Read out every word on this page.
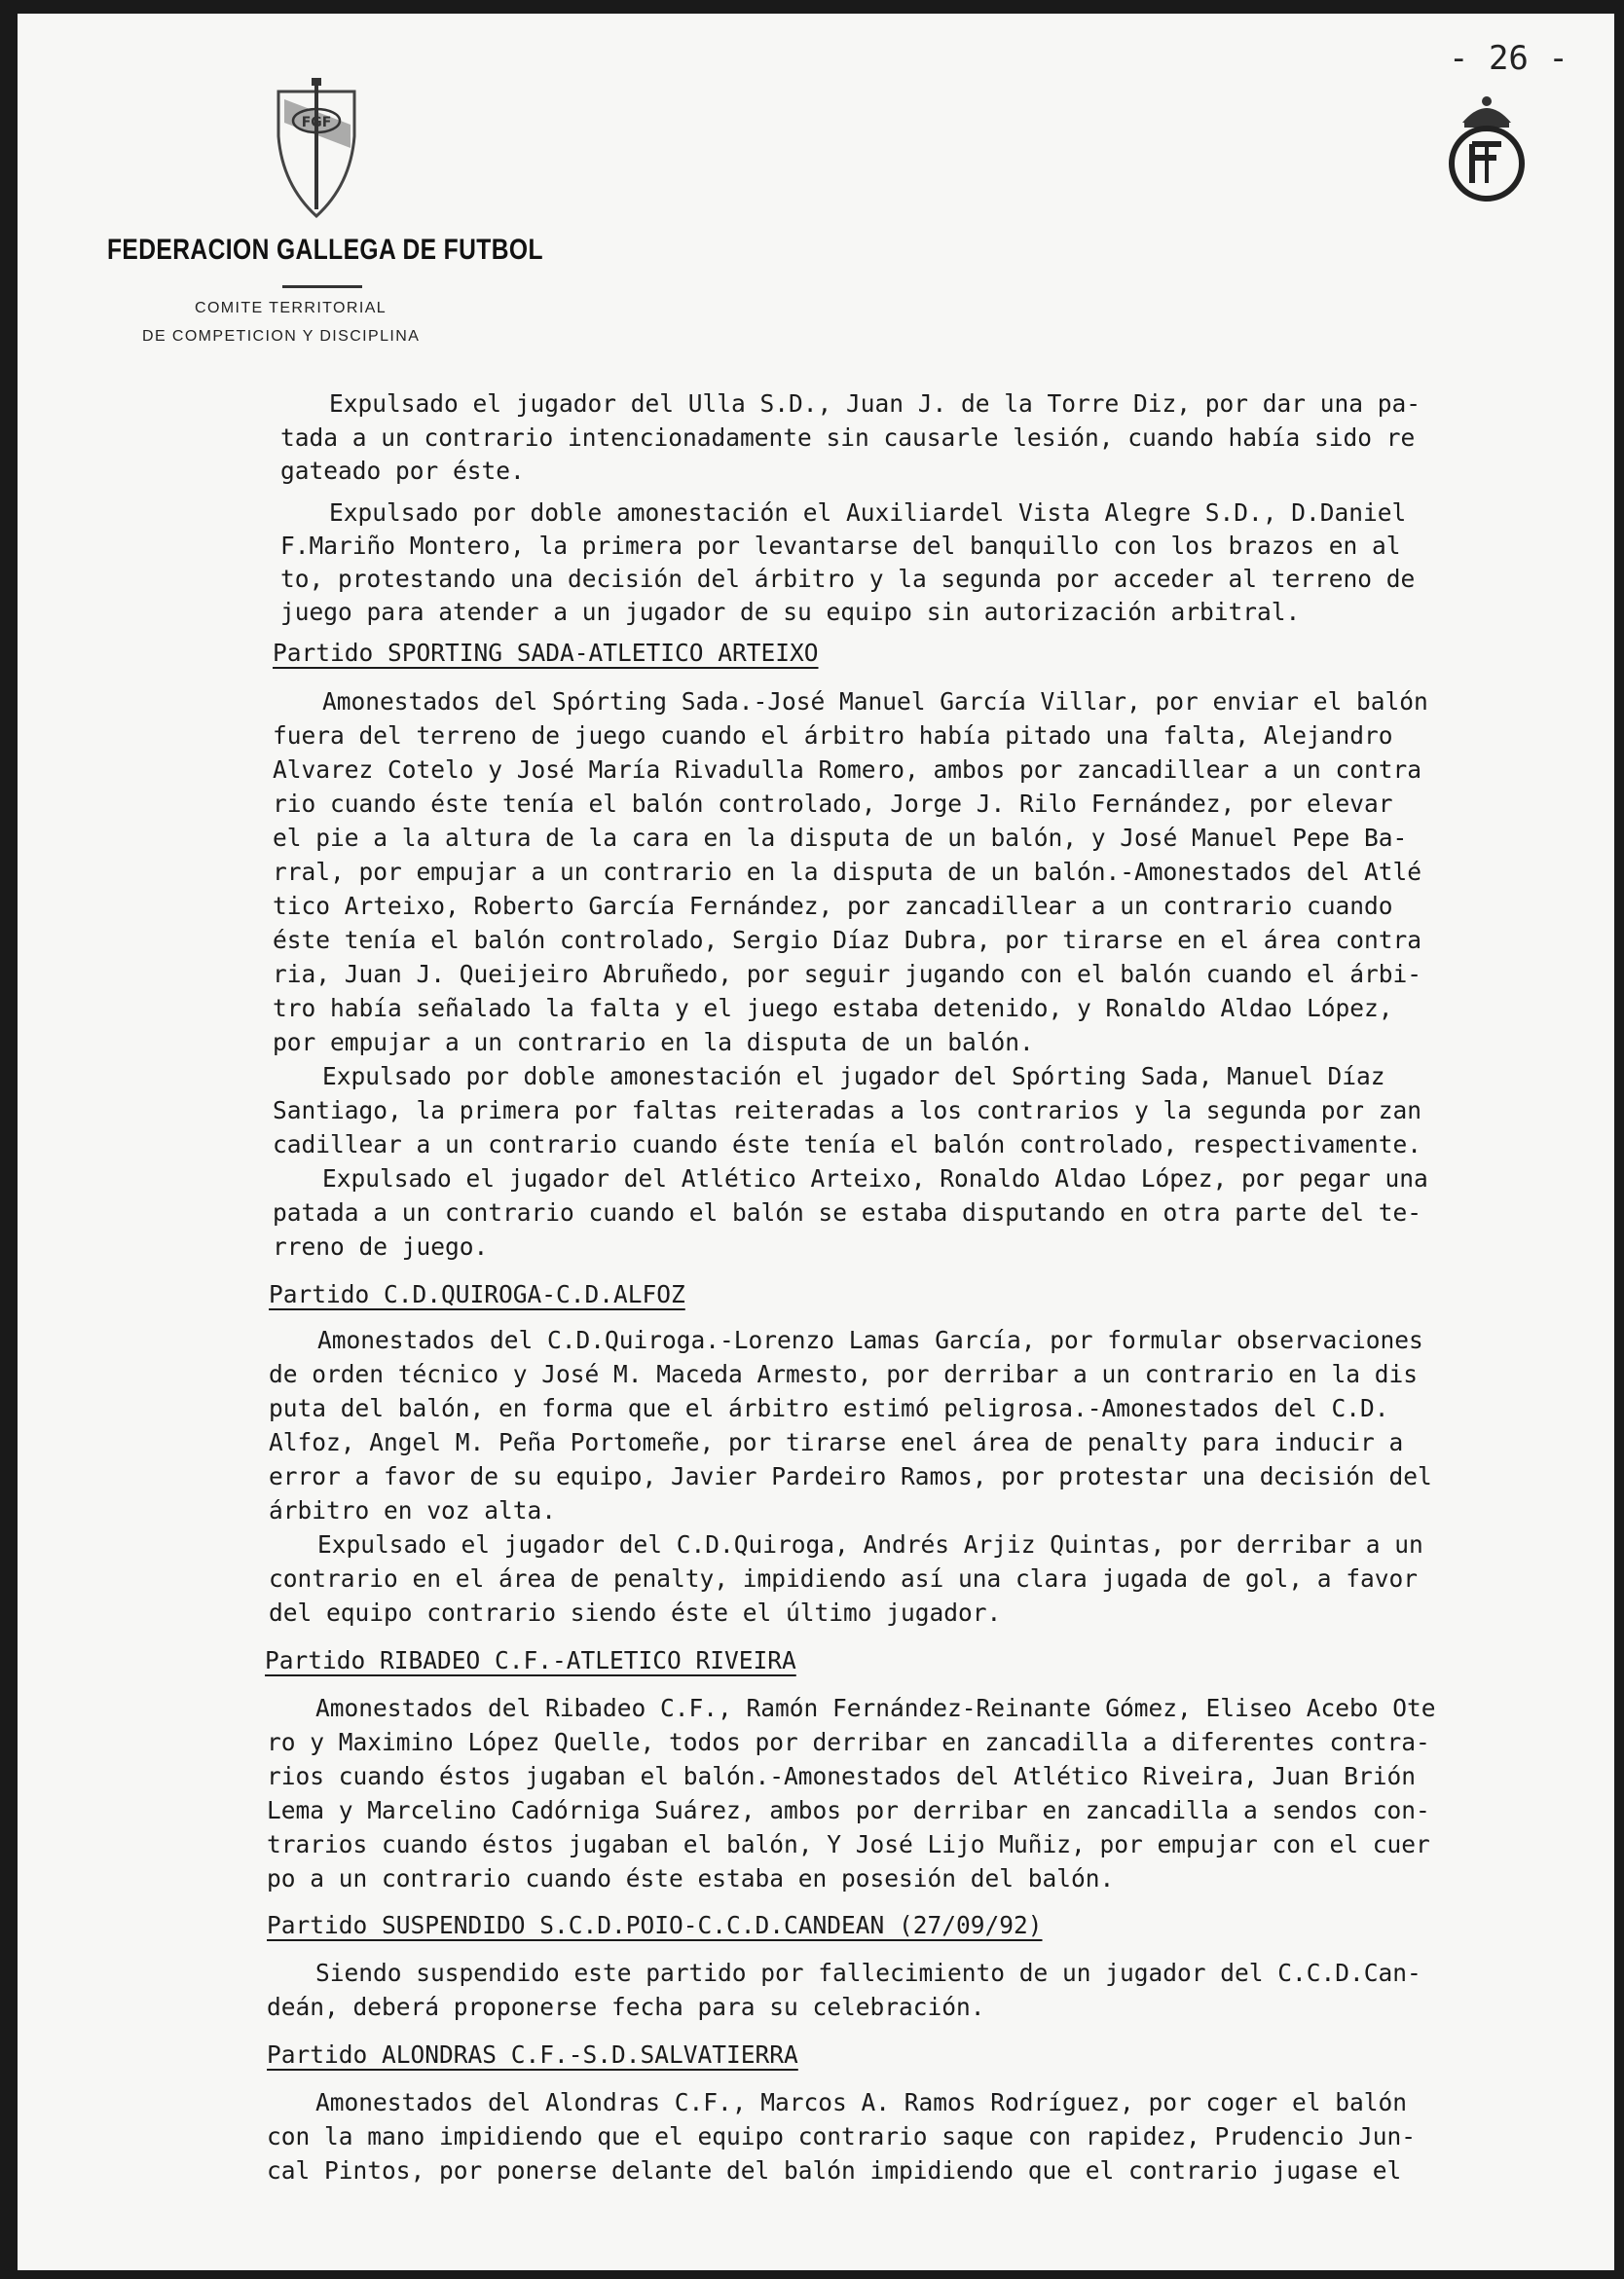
- 26 -
FGF
FEDERACION GALLEGA DE FUTBOL
COMITE TERRITORIAL
DE COMPETICION Y DISCIPLINA
Expulsado el jugador del Ulla S.D., Juan J. de la Torre Diz, por dar una pa-
tada a un contrario intencionadamente sin causarle lesión, cuando había sido re
gateado por éste.
Expulsado por doble amonestación el Auxiliardel Vista Alegre S.D., D.Daniel
F.Mariño Montero, la primera por levantarse del banquillo con los brazos en al
to, protestando una decisión del árbitro y la segunda por acceder al terreno de
juego para atender a un jugador de su equipo sin autorización arbitral.
Partido SPORTING SADA-ATLETICO ARTEIXO
Amonestados del Spórting Sada.-José Manuel García Villar, por enviar el balón
fuera del terreno de juego cuando el árbitro había pitado una falta, Alejandro
Alvarez Cotelo y José María Rivadulla Romero, ambos por zancadillear a un contra
rio cuando éste tenía el balón controlado, Jorge J. Rilo Fernández, por elevar
el pie a la altura de la cara en la disputa de un balón, y José Manuel Pepe Ba-
rral, por empujar a un contrario en la disputa de un balón.-Amonestados del Atlé
tico Arteixo, Roberto García Fernández, por zancadillear a un contrario cuando
éste tenía el balón controlado, Sergio Díaz Dubra, por tirarse en el área contra
ria, Juan J. Queijeiro Abruñedo, por seguir jugando con el balón cuando el árbi-
tro había señalado la falta y el juego estaba detenido, y Ronaldo Aldao López,
por empujar a un contrario en la disputa de un balón.
Expulsado por doble amonestación el jugador del Spórting Sada, Manuel Díaz
Santiago, la primera por faltas reiteradas a los contrarios y la segunda por zan
cadillear a un contrario cuando éste tenía el balón controlado, respectivamente.
Expulsado el jugador del Atlético Arteixo, Ronaldo Aldao López, por pegar una
patada a un contrario cuando el balón se estaba disputando en otra parte del te-
rreno de juego.
Partido C.D.QUIROGA-C.D.ALFOZ
Amonestados del C.D.Quiroga.-Lorenzo Lamas García, por formular observaciones
de orden técnico y José M. Maceda Armesto, por derribar a un contrario en la dis
puta del balón, en forma que el árbitro estimó peligrosa.-Amonestados del C.D.
Alfoz, Angel M. Peña Portomeñe, por tirarse enel área de penalty para inducir a
error a favor de su equipo, Javier Pardeiro Ramos, por protestar una decisión del
árbitro en voz alta.
Expulsado el jugador del C.D.Quiroga, Andrés Arjiz Quintas, por derribar a un
contrario en el área de penalty, impidiendo así una clara jugada de gol, a favor
del equipo contrario siendo éste el último jugador.
Partido RIBADEO C.F.-ATLETICO RIVEIRA
Amonestados del Ribadeo C.F., Ramón Fernández-Reinante Gómez, Eliseo Acebo Ote
ro y Maximino López Quelle, todos por derribar en zancadilla a diferentes contra-
rios cuando éstos jugaban el balón.-Amonestados del Atlético Riveira, Juan Brión
Lema y Marcelino Cadórniga Suárez, ambos por derribar en zancadilla a sendos con-
trarios cuando éstos jugaban el balón, Y José Lijo Muñiz, por empujar con el cuer
po a un contrario cuando éste estaba en posesión del balón.
Partido SUSPENDIDO S.C.D.POIO-C.C.D.CANDEAN (27/09/92)
Siendo suspendido este partido por fallecimiento de un jugador del C.C.D.Can-
deán, deberá proponerse fecha para su celebración.
Partido ALONDRAS C.F.-S.D.SALVATIERRA
Amonestados del Alondras C.F., Marcos A. Ramos Rodríguez, por coger el balón
con la mano impidiendo que el equipo contrario saque con rapidez, Prudencio Jun-
cal Pintos, por ponerse delante del balón impidiendo que el contrario jugase el
